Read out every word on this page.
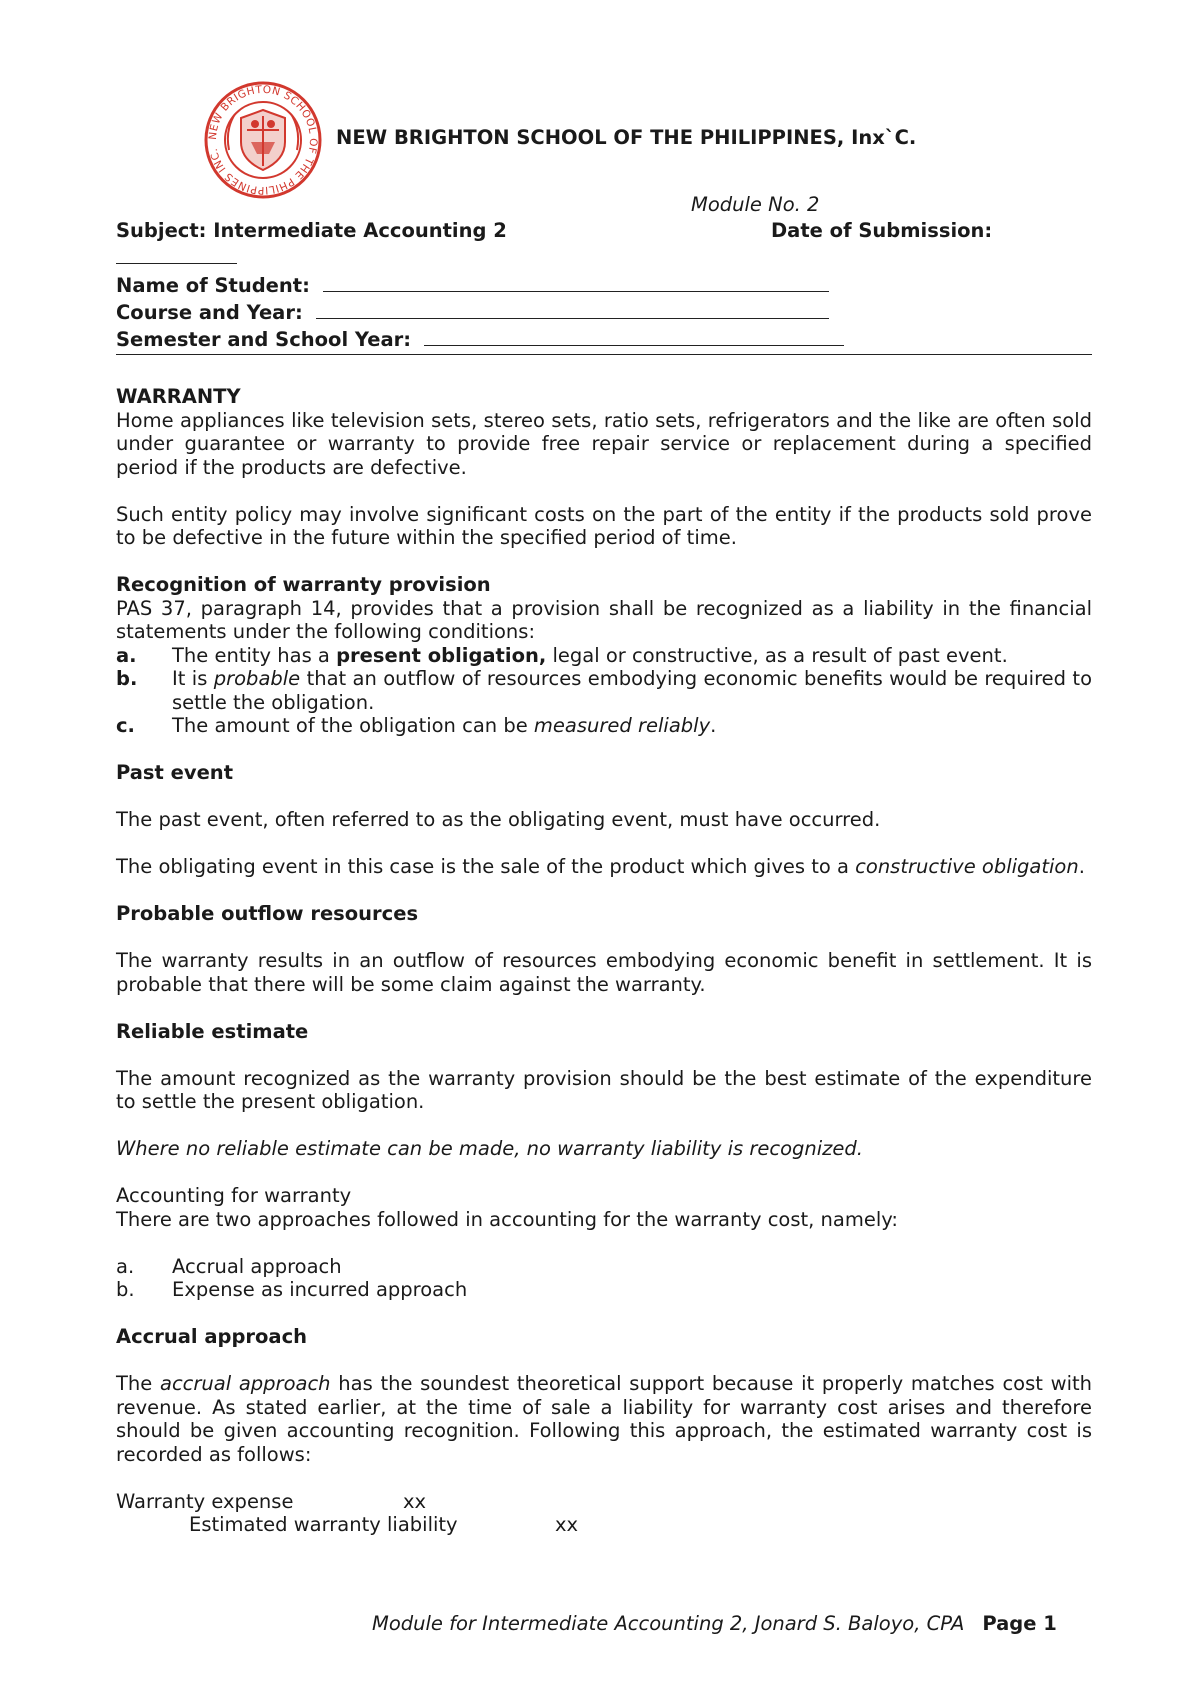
NEW BRIGHTON SCHOOL OF THE PHILIPPINES INC.
NEW BRIGHTON SCHOOL OF THE PHILIPPINES, Inx`C.
Module No. 2
Subject: Intermediate Accounting 2	Date of Submission:
Name of Student:
Course and Year:
Semester and School Year:

WARRANTY

Home appliances like television sets, stereo sets, ratio sets, refrigerators and the like are often sold under guarantee or warranty to provide free repair service or replacement during a specified period if the products are defective.

Such entity policy may involve significant costs on the part of the entity if the products sold prove to be defective in the future within the specified period of time.

Recognition of warranty provision

PAS 37, paragraph 14, provides that a provision shall be recognized as a liability in the financial statements under the following conditions:

a.	The entity has a present obligation, legal or constructive, as a result of past event.
b.	It is probable that an outflow of resources embodying economic benefits would be required to settle the obligation.
c.	The amount of the obligation can be measured reliably.

Past event

The past event, often referred to as the obligating event, must have occurred.

The obligating event in this case is the sale of the product which gives to a constructive obligation.

Probable outflow resources

The warranty results in an outflow of resources embodying economic benefit in settlement. It is probable that there will be some claim against the warranty.

Reliable estimate

The amount recognized as the warranty provision should be the best estimate of the expenditure to settle the present obligation.

Where no reliable estimate can be made, no warranty liability is recognized.

Accounting for warranty

There are two approaches followed in accounting for the warranty cost, namely:

a.	Accrual approach
b.	Expense as incurred approach

Accrual approach

The accrual approach has the soundest theoretical support because it properly matches cost with revenue. As stated earlier, at the time of sale a liability for warranty cost arises and therefore should be given accounting recognition. Following this approach, the estimated warranty cost is recorded as follows:

Warranty expense	xx
Estimated warranty liability	xx
Module for Intermediate Accounting 2, Jonard S. Baloyo, CPA Page 1
